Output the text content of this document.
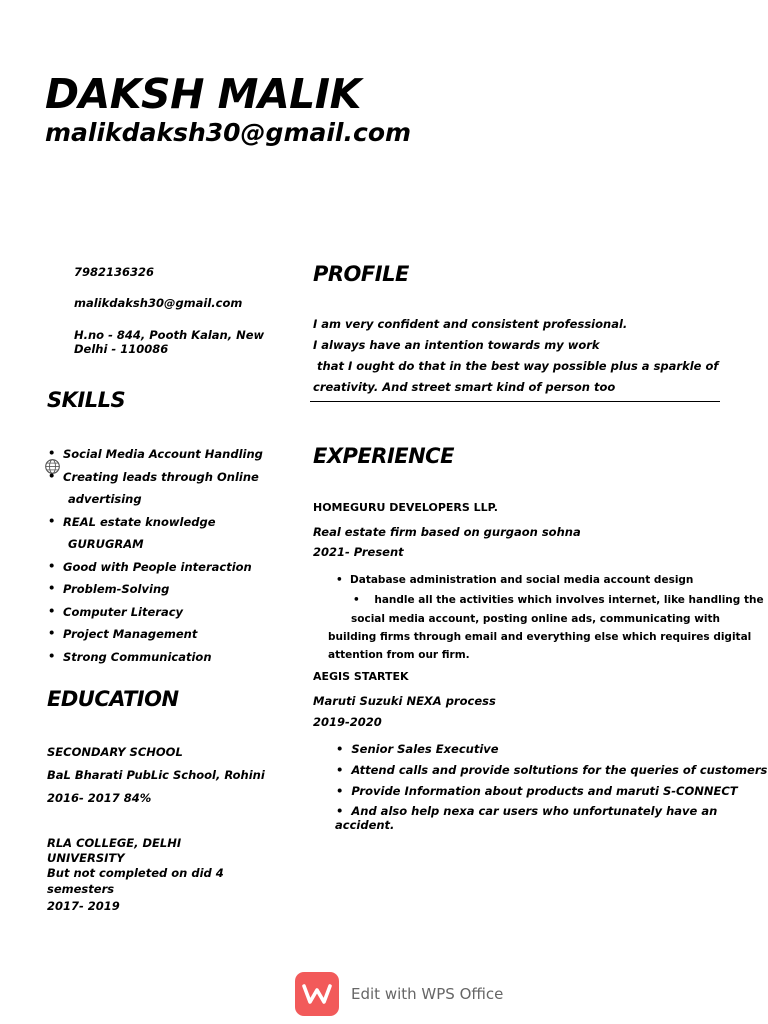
DAKSH MALIK
malikdaksh30@gmail.com
7982136326
malikdaksh30@gmail.com
H.no - 844, Pooth Kalan, New
Delhi - 110086
SKILLS
• Social Media Account Handling
• Creating leads through Online
advertising
• REAL estate knowledge
GURUGRAM
• Good with People interaction
• Problem-Solving
• Computer Literacy
• Project Management
• Strong Communication
EDUCATION
SECONDARY SCHOOL
BaL Bharati PubLic School, Rohini
2016- 2017 84%
RLA COLLEGE, DELHI
UNIVERSITY
But not completed on did 4
semesters
2017- 2019
PROFILE
I am very confident and consistent professional.
I always have an intention towards my work
that I ought do that in the best way possible plus a sparkle of
creativity. And street smart kind of person too
EXPERIENCE
HOMEGURU DEVELOPERS LLP.
Real estate firm based on gurgaon sohna
2021- Present
•  Database administration and social media account design
•    handle all the activities which involves internet, like handling the
social media account, posting online ads, communicating with
building firms through email and everything else which requires digital
attention from our firm.
AEGIS STARTEK
Maruti Suzuki NEXA process
2019-2020
•  Senior Sales Executive
•  Attend calls and provide soltutions for the queries of customers
•  Provide Information about products and maruti S-CONNECT
•  And also help nexa car users who unfortunately have an
accident.
Edit with WPS Office
